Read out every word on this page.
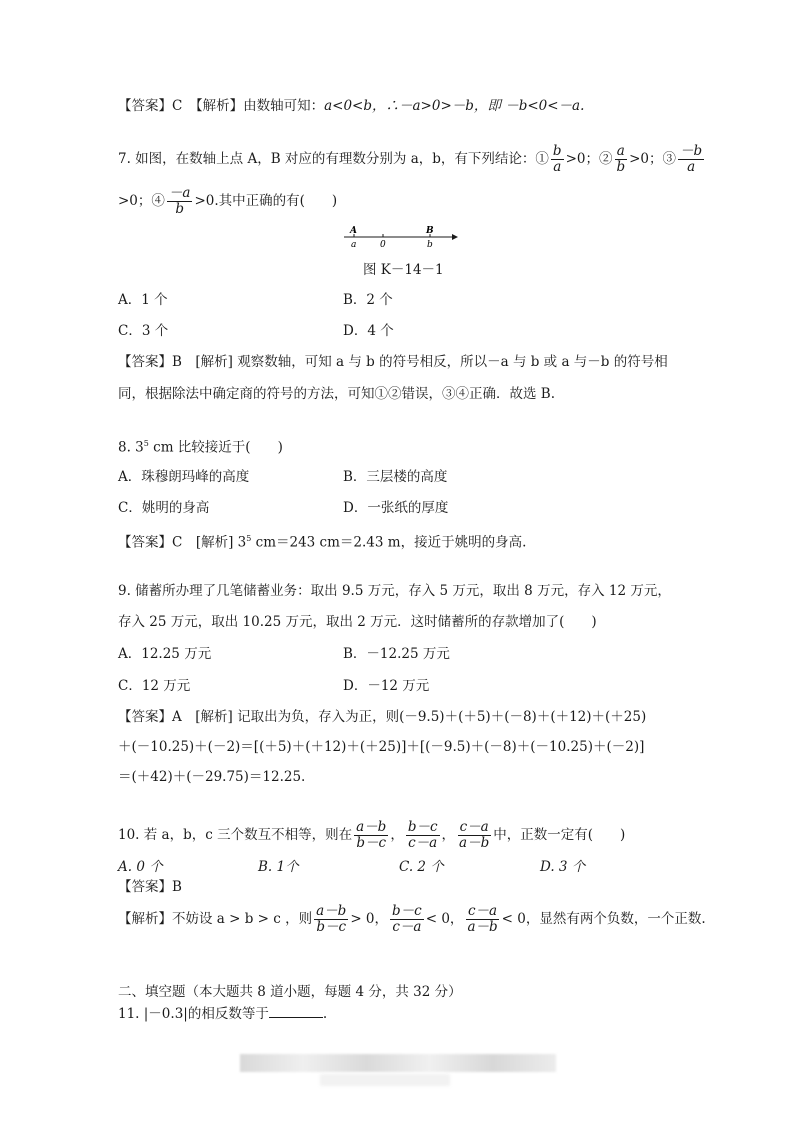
【答案】C　【解析】由数轴可知：a<0<b，∴－a>0>－b，即 －b<0<－a.
7. 如图，在数轴上点 A，B 对应的有理数分别为 a，b，有下列结论：① $\frac{b}{a} >0$；② $\frac{a}{b} >0$；③ $\frac{-b}{a}$
>0；④ $\frac{-a}{b} >0$.其中正确的有(　　)
A	B
a	0	b
图 K－14－1
A．1 个	B．2 个
C．3 个	D．4 个
【答案】B　[解析] 观察数轴，可知 a 与 b 的符号相反，所以－a 与 b 或 a 与－b 的符号相
同，根据除法中确定商的符号的方法，可知①②错误，③④正确．故选 B.
8. $3^5$ cm 比较接近于(　　)
A．珠穆朗玛峰的高度	B．三层楼的高度
C．姚明的身高	D．一张纸的厚度
【答案】C　[解析] $3^5$ cm＝243 cm＝2.43 m，接近于姚明的身高.
9. 储蓄所办理了几笔储蓄业务：取出 9.5 万元，存入 5 万元，取出 8 万元，存入 12 万元，
存入 25 万元，取出 10.25 万元，取出 2 万元．这时储蓄所的存款增加了(　　)
A．12.25 万元	B．－12.25 万元
C．12 万元	D．－12 万元
【答案】A　[解析] 记取出为负，存入为正，则(－9.5)＋(＋5)＋(－8)＋(＋12)＋(＋25)
＋(－10.25)＋(－2)＝[(＋5)＋(＋12)＋(＋25)]＋[(－9.5)＋(－8)＋(－10.25)＋(－2)]
＝(＋42)＋(－29.75)＝12.25.
10. 若 a，b，c 三个数互不相等，则在 $\frac{a-b}{b-c}$ ， $\frac{b-c}{c-a}$ ， $\frac{c-a}{a-b}$ 中，正数一定有(　　)
A. 0 个	B. 1个	C. 2 个	D. 3 个
【答案】B
【解析】不妨设 a > b > c ，则 $\frac{a-b}{b-c} > 0$， $\frac{b-c}{c-a} < 0$， $\frac{c-a}{a-b} < 0$，显然有两个负数，一个正数.
二、填空题（本大题共 8 道小题，每题 4 分，共 32 分）
11. |－0.3|的相反数等于	.
